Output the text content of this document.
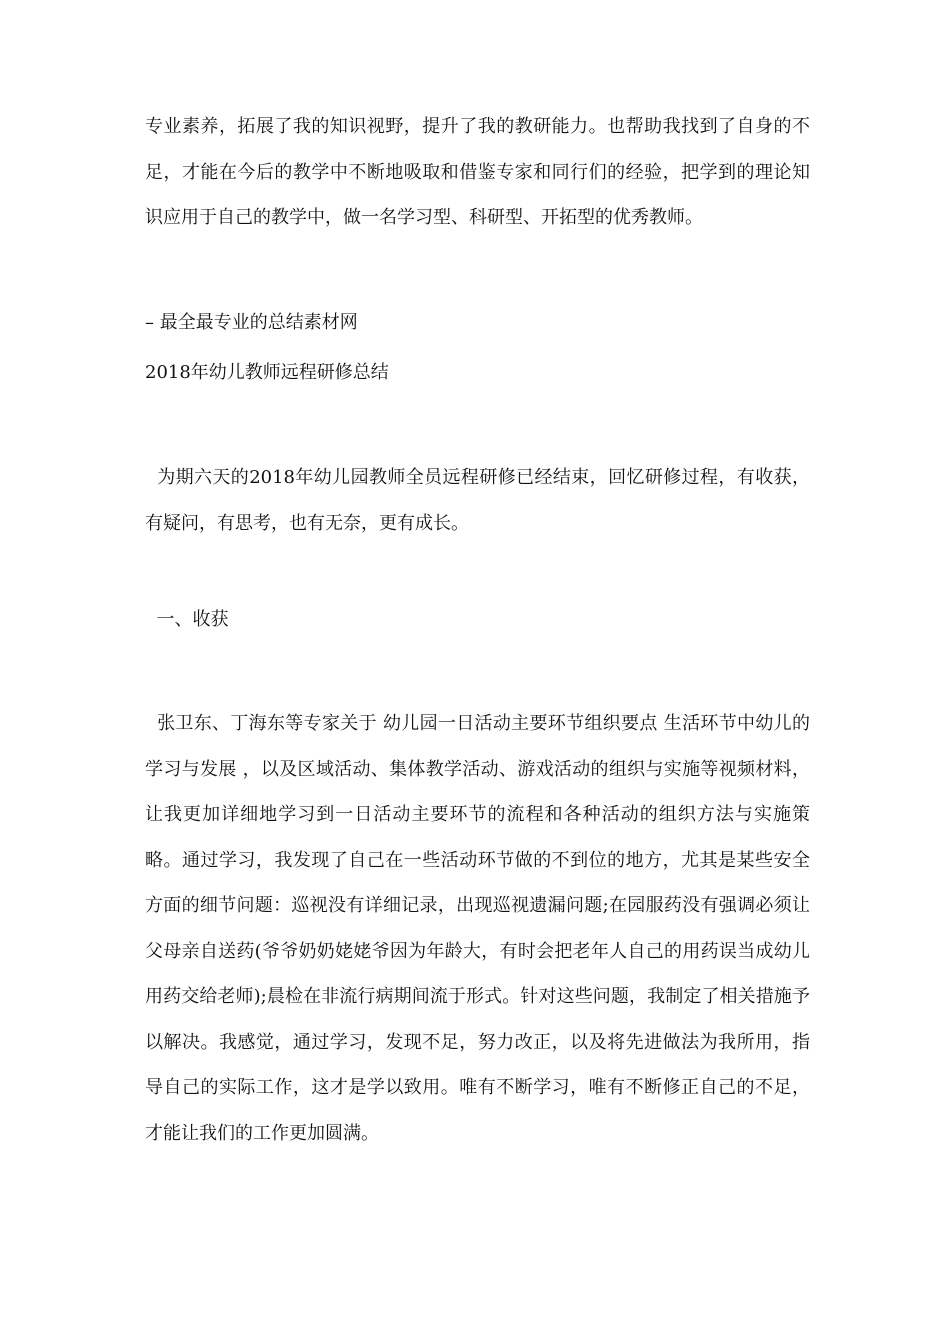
专业素养，拓展了我的知识视野，提升了我的教研能力。也帮助我找到了自身的不足，才能在今后的教学中不断地吸取和借鉴专家和同行们的经验，把学到的理论知识应用于自己的教学中，做一名学习型、科研型、开拓型的优秀教师。

– 最全最专业的总结素材网

2018年幼儿教师远程研修总结

为期六天的2018年幼儿园教师全员远程研修已经结束，回忆研修过程，有收获，有疑问，有思考，也有无奈，更有成长。

一、收获

张卫东、丁海东等专家关于 幼儿园一日活动主要环节组织要点 生活环节中幼儿的学习与发展 ，以及区域活动、集体教学活动、游戏活动的组织与实施等视频材料，让我更加详细地学习到一日活动主要环节的流程和各种活动的组织方法与实施策略。通过学习，我发现了自己在一些活动环节做的不到位的地方，尤其是某些安全方面的细节问题：巡视没有详细记录，出现巡视遗漏问题;在园服药没有强调必须让父母亲自送药(爷爷奶奶姥姥爷因为年龄大，有时会把老年人自己的用药误当成幼儿用药交给老师);晨检在非流行病期间流于形式。针对这些问题，我制定了相关措施予以解决。我感觉，通过学习，发现不足，努力改正，以及将先进做法为我所用，指导自己的实际工作，这才是学以致用。唯有不断学习，唯有不断修正自己的不足，才能让我们的工作更加圆满。
